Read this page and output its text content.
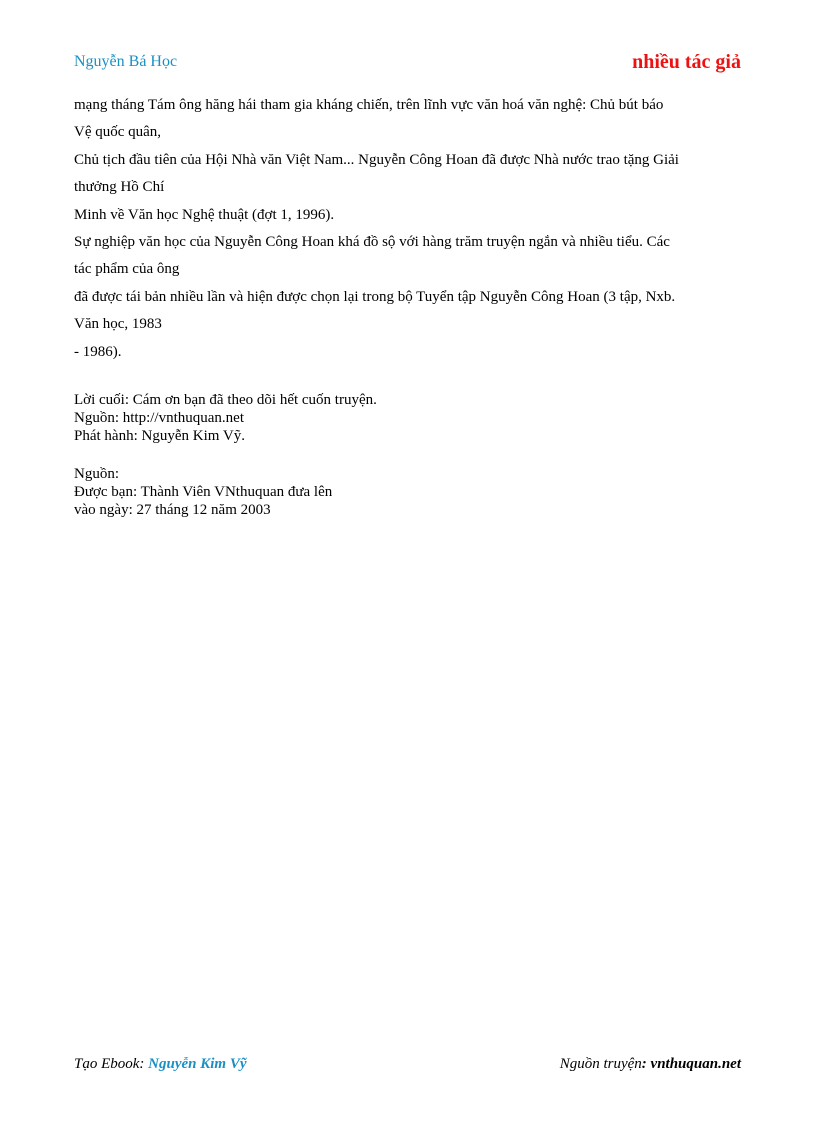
Nguyễn Bá Học	nhiều tác giả
mạng tháng Tám ông hăng hái tham gia kháng chiến, trên lĩnh vực văn hoá văn nghệ: Chủ bút báo
Vệ quốc quân,
Chủ tịch đầu tiên của Hội Nhà văn Việt Nam... Nguyễn Công Hoan đã được Nhà nước trao tặng Giải
thưởng Hồ Chí
Minh về Văn học Nghệ thuật (đợt 1, 1996).
Sự nghiệp văn học của Nguyễn Công Hoan khá đồ sộ với hàng trăm truyện ngắn và nhiều tiểu. Các
tác phẩm của ông
đã được tái bản nhiều lần và hiện được chọn lại trong bộ Tuyển tập Nguyễn Công Hoan (3 tập, Nxb.
Văn học, 1983
- 1986).
Lời cuối: Cám ơn bạn đã theo dõi hết cuốn truyện.
Nguồn: http://vnthuquan.net
Phát hành: Nguyễn Kim Vỹ.
Nguồn:
Được bạn: Thành Viên VNthuquan đưa lên
vào ngày: 27 tháng 12 năm 2003
Tạo Ebook: Nguyễn Kim Vỹ	Nguồn truyện: vnthuquan.net
